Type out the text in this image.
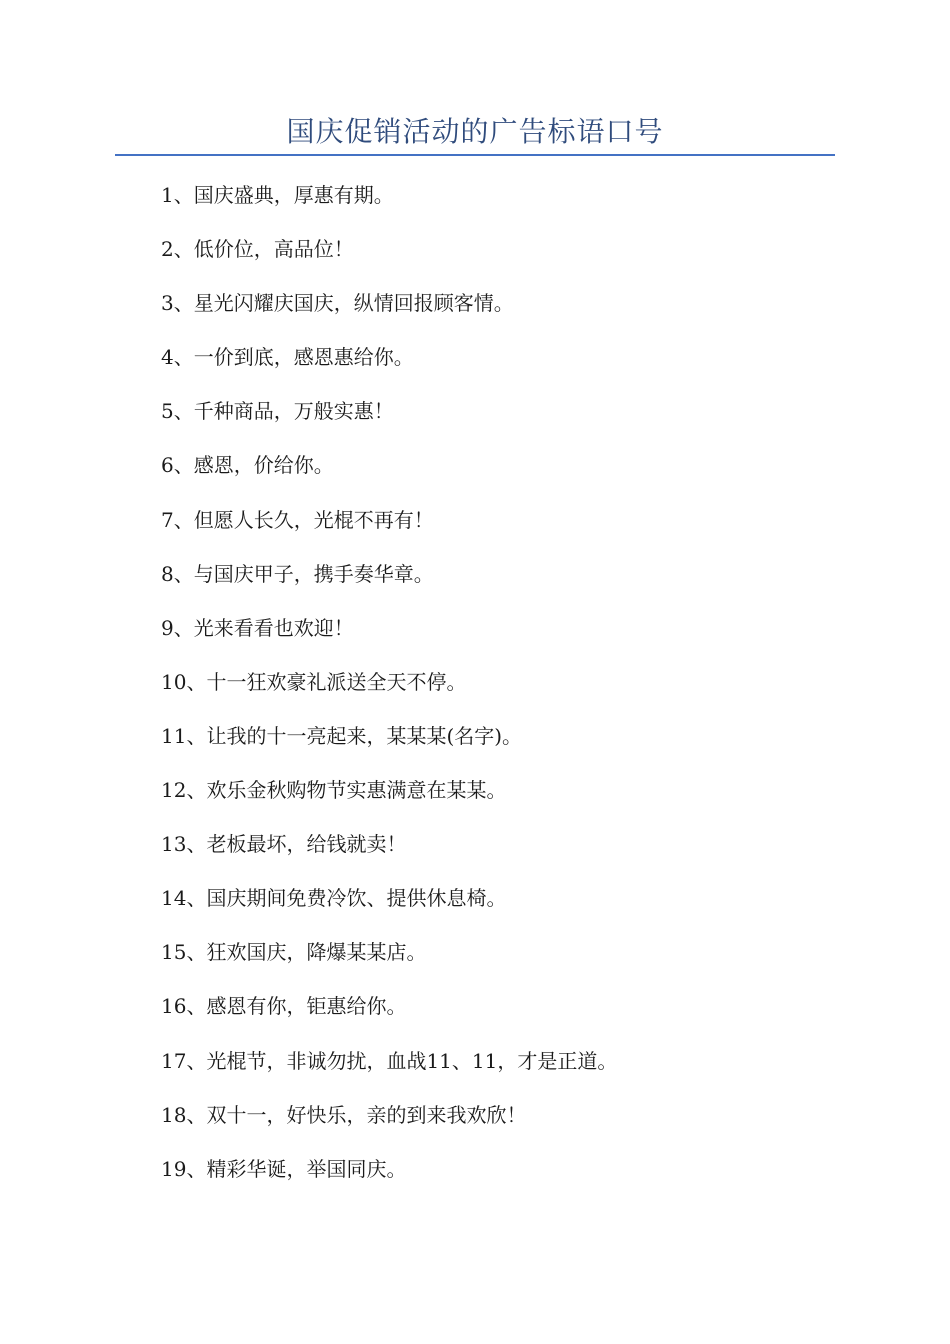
国庆促销活动的广告标语口号
1、国庆盛典，厚惠有期。
2、低价位，高品位！
3、星光闪耀庆国庆，纵情回报顾客情。
4、一价到底，感恩惠给你。
5、千种商品，万般实惠！
6、感恩，价给你。
7、但愿人长久，光棍不再有！
8、与国庆甲子，携手奏华章。
9、光来看看也欢迎！
10、十一狂欢豪礼派送全天不停。
11、让我的十一亮起来，某某某(名字)。
12、欢乐金秋购物节实惠满意在某某。
13、老板最坏，给钱就卖！
14、国庆期间免费冷饮、提供休息椅。
15、狂欢国庆，降爆某某店。
16、感恩有你，钜惠给你。
17、光棍节，非诚勿扰，血战11、11，才是正道。
18、双十一，好快乐，亲的到来我欢欣！
19、精彩华诞，举国同庆。
